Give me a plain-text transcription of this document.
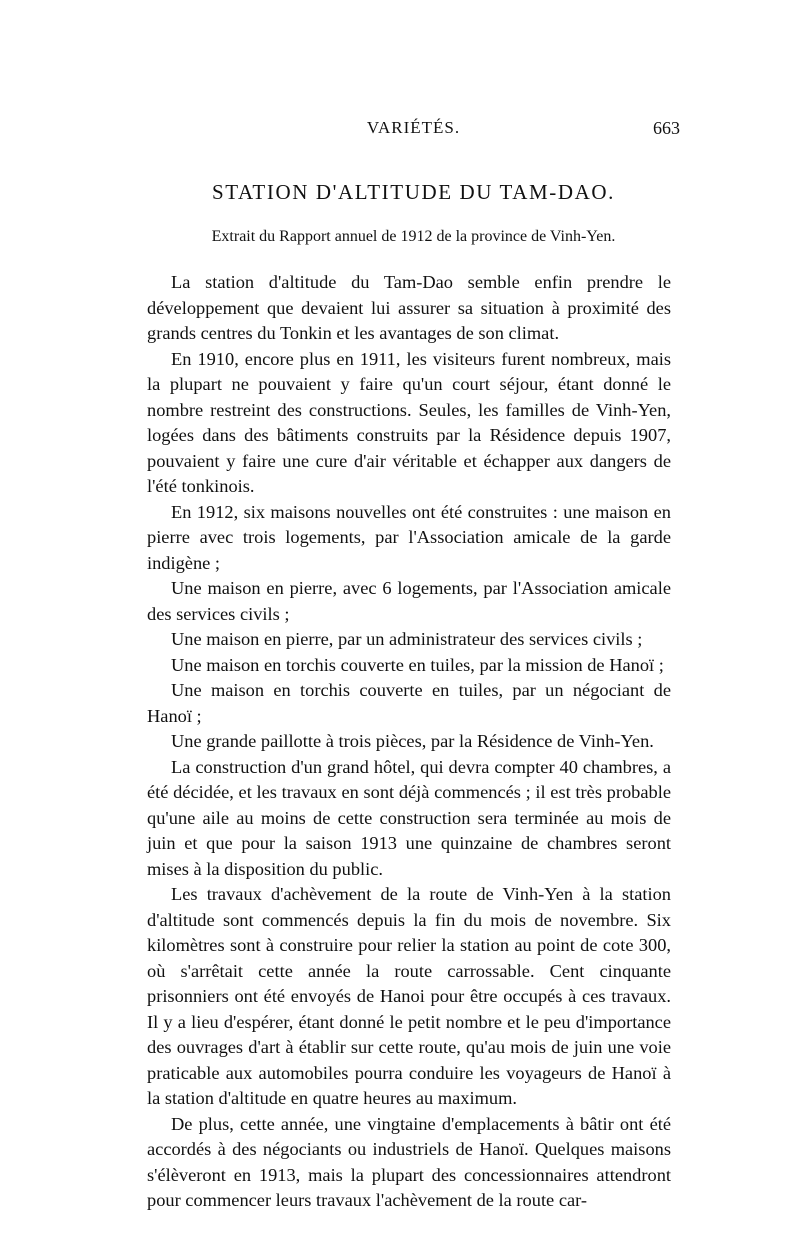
VARIÉTÉS.	663
STATION D'ALTITUDE DU TAM-DAO.
Extrait du Rapport annuel de 1912 de la province de Vinh-Yen.

La station d'altitude du Tam-Dao semble enfin prendre le développement que devaient lui assurer sa situation à proximité des grands centres du Tonkin et les avantages de son climat.

En 1910, encore plus en 1911, les visiteurs furent nombreux, mais la plupart ne pouvaient y faire qu'un court séjour, étant donné le nombre restreint des constructions. Seules, les familles de Vinh-Yen, logées dans des bâtiments construits par la Résidence depuis 1907, pouvaient y faire une cure d'air véritable et échapper aux dangers de l'été tonkinois.

En 1912, six maisons nouvelles ont été construites : une maison en pierre avec trois logements, par l'Association amicale de la garde indigène ;

Une maison en pierre, avec 6 logements, par l'Association amicale des services civils ;

Une maison en pierre, par un administrateur des services civils ;

Une maison en torchis couverte en tuiles, par la mission de Hanoï ;

Une maison en torchis couverte en tuiles, par un négociant de Hanoï ;

Une grande paillotte à trois pièces, par la Résidence de Vinh-Yen.

La construction d'un grand hôtel, qui devra compter 40 chambres, a été décidée, et les travaux en sont déjà commencés ; il est très probable qu'une aile au moins de cette construction sera terminée au mois de juin et que pour la saison 1913 une quinzaine de chambres seront mises à la disposition du public.

Les travaux d'achèvement de la route de Vinh-Yen à la station d'altitude sont commencés depuis la fin du mois de novembre. Six kilomètres sont à construire pour relier la station au point de cote 300, où s'arrêtait cette année la route carrossable. Cent cinquante prisonniers ont été envoyés de Hanoi pour être occupés à ces travaux. Il y a lieu d'espérer, étant donné le petit nombre et le peu d'importance des ouvrages d'art à établir sur cette route, qu'au mois de juin une voie praticable aux automobiles pourra conduire les voyageurs de Hanoï à la station d'altitude en quatre heures au maximum.

De plus, cette année, une vingtaine d'emplacements à bâtir ont été accordés à des négociants ou industriels de Hanoï. Quelques maisons s'élèveront en 1913, mais la plupart des concessionnaires attendront pour commencer leurs travaux l'achèvement de la route car-
